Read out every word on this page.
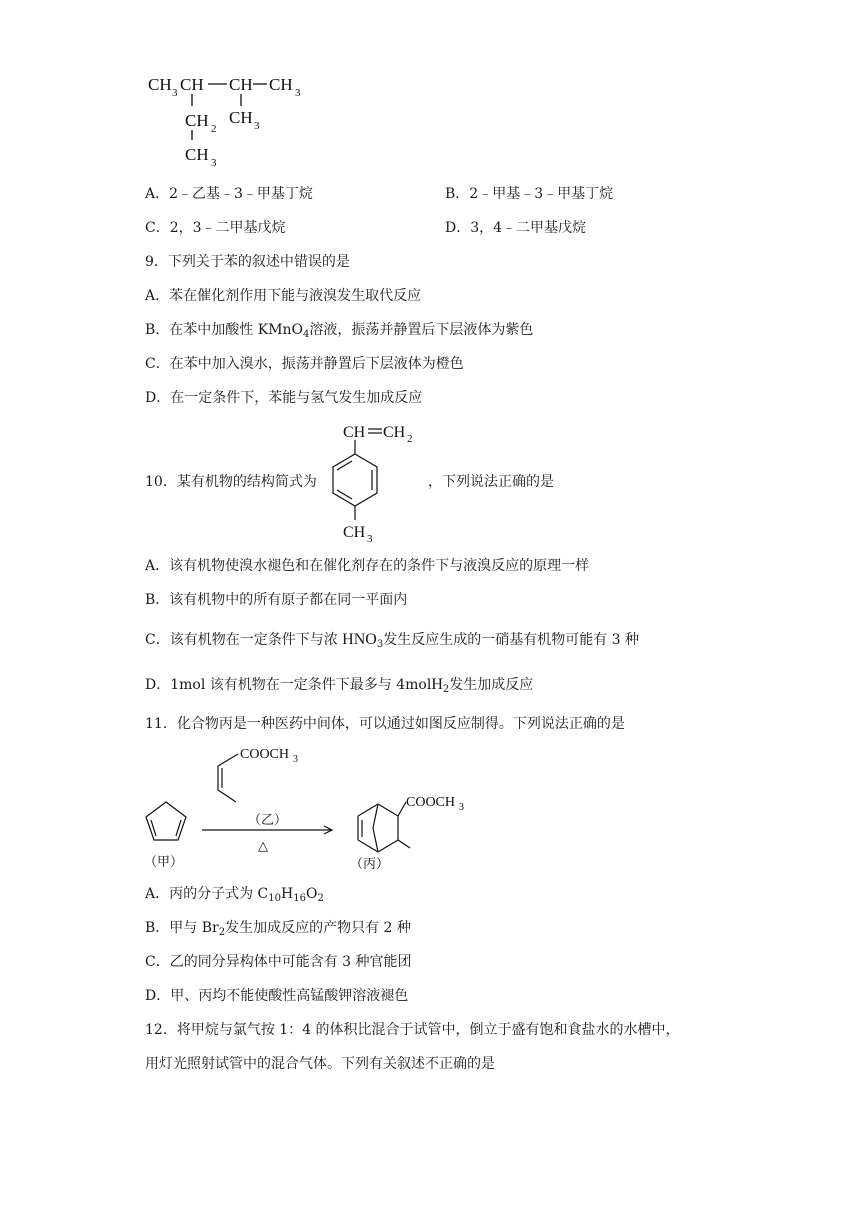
CH 3 CH CH CH 3
CH 2
CH 3
CH 3
A．2﹣乙基﹣3﹣甲基丁烷	B．2﹣甲基﹣3﹣甲基丁烷
C．2，3﹣二甲基戊烷	D．3，4﹣二甲基戊烷
9．下列关于苯的叙述中错误的是
A．苯在催化剂作用下能与液溴发生取代反应
B．在苯中加酸性 KMnO$_4$溶液，振荡并静置后下层液体为紫色
C．在苯中加入溴水，振荡并静置后下层液体为橙色
D．在一定条件下，苯能与氢气发生加成反应
10．某有机物的结构简式为	，下列说法正确的是
CH CH 2
CH 3
A．该有机物使溴水褪色和在催化剂存在的条件下与液溴反应的原理一样
B．该有机物中的所有原子都在同一平面内
C．该有机物在一定条件下与浓 $HNO_3$发生反应生成的一硝基有机物可能有 3 种
D．1mol 该有机物在一定条件下最多与 4molH$_2$发生加成反应
11．化合物丙是一种医药中间体，可以通过如图反应制得。下列说法正确的是
COOCH 3
COOCH 3
（乙）
△
（甲）	（丙）
A．丙的分子式为 $C_{10}H_{16}O_2$
B．甲与 $Br_2$发生加成反应的产物只有 2 种
C．乙的同分异构体中可能含有 3 种官能团
D．甲、丙均不能使酸性高锰酸钾溶液褪色
12．将甲烷与氯气按 1：4 的体积比混合于试管中，倒立于盛有饱和食盐水的水槽中，
用灯光照射试管中的混合气体。下列有关叙述不正确的是
